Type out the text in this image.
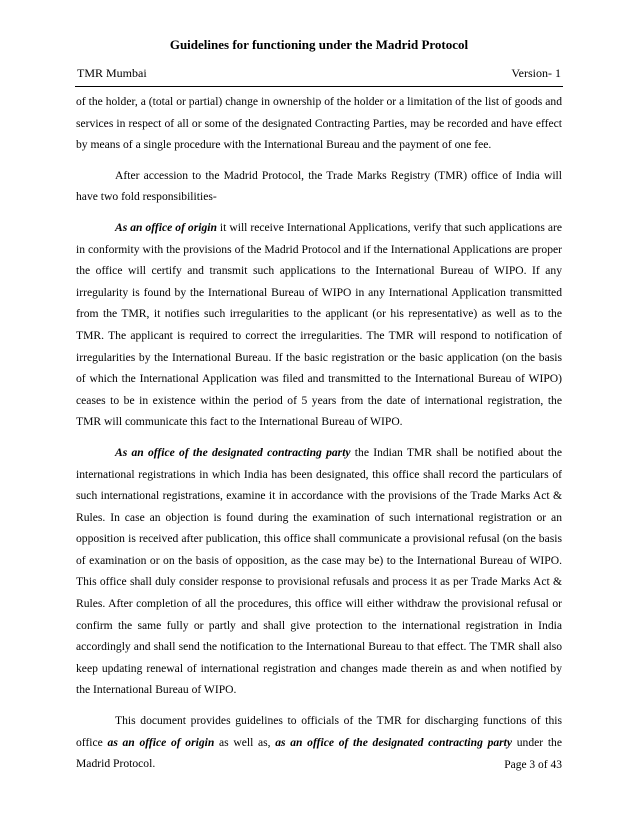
Guidelines for functioning under the Madrid Protocol
TMR Mumbai	Version- 1

of the holder, a (total or partial) change in ownership of the holder or a limitation of the list of goods and services in respect of all or some of the designated Contracting Parties, may be recorded and have effect by means of a single procedure with the International Bureau and the payment of one fee.

After accession to the Madrid Protocol, the Trade Marks Registry (TMR) office of India will have two fold responsibilities-

As an office of origin it will receive International Applications, verify that such applications are in conformity with the provisions of the Madrid Protocol and if the International Applications are proper the office will certify and transmit such applications to the International Bureau of WIPO. If any irregularity is found by the International Bureau of WIPO in any International Application transmitted from the TMR, it notifies such irregularities to the applicant (or his representative) as well as to the TMR. The applicant is required to correct the irregularities. The TMR will respond to notification of irregularities by the International Bureau. If the basic registration or the basic application (on the basis of which the International Application was filed and transmitted to the International Bureau of WIPO) ceases to be in existence within the period of 5 years from the date of international registration, the TMR will communicate this fact to the International Bureau of WIPO.

As an office of the designated contracting party the Indian TMR shall be notified about the international registrations in which India has been designated, this office shall record the particulars of such international registrations, examine it in accordance with the provisions of the Trade Marks Act & Rules. In case an objection is found during the examination of such international registration or an opposition is received after publication, this office shall communicate a provisional refusal (on the basis of examination or on the basis of opposition, as the case may be) to the International Bureau of WIPO. This office shall duly consider response to provisional refusals and process it as per Trade Marks Act & Rules. After completion of all the procedures, this office will either withdraw the provisional refusal or confirm the same fully or partly and shall give protection to the international registration in India accordingly and shall send the notification to the International Bureau to that effect. The TMR shall also keep updating renewal of international registration and changes made therein as and when notified by the International Bureau of WIPO.

This document provides guidelines to officials of the TMR for discharging functions of this office as an office of origin as well as, as an office of the designated contracting party under the Madrid Protocol.	Page 3 of 43
